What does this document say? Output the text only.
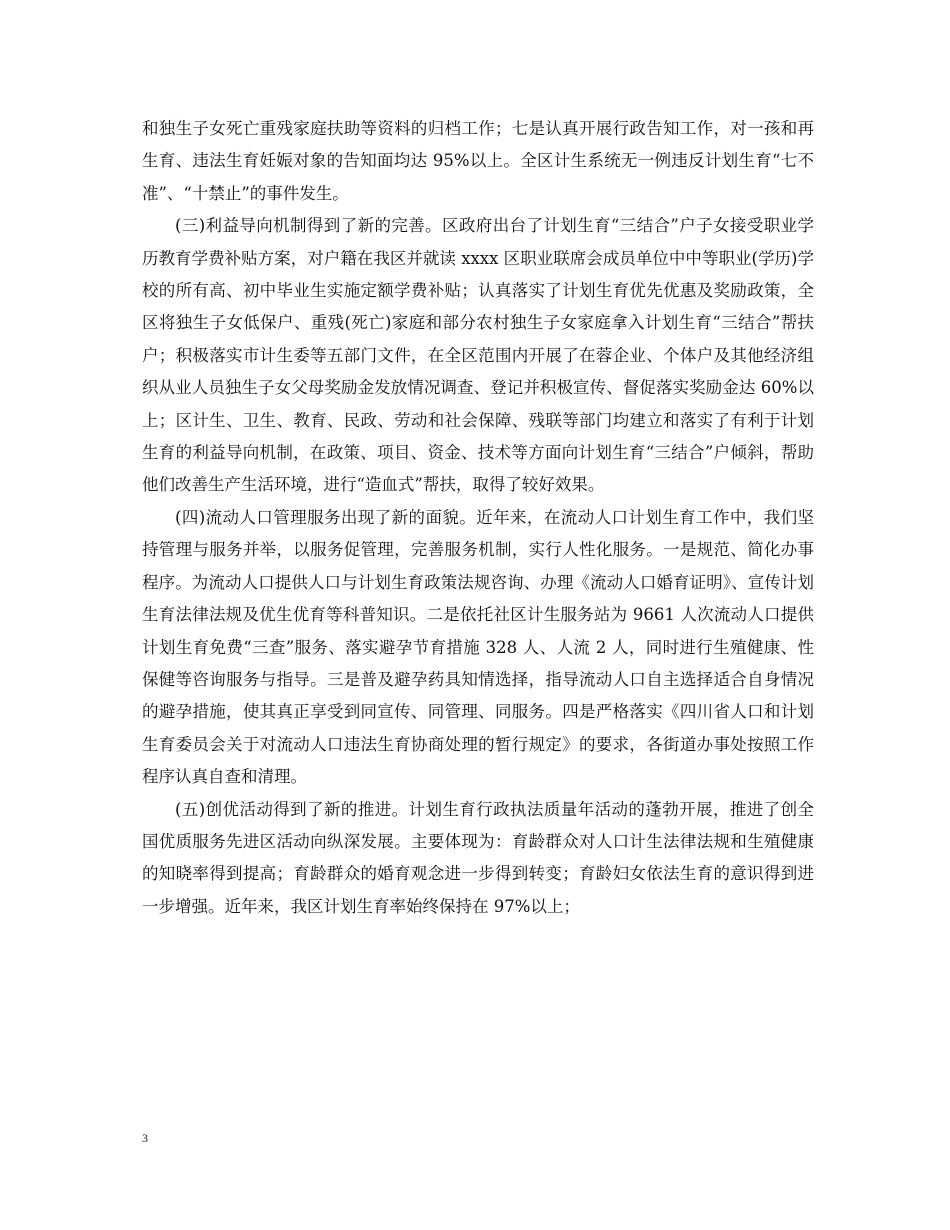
和独生子女死亡重残家庭扶助等资料的归档工作；七是认真开展行政告知工作，对一孩和再生育、违法生育妊娠对象的告知面均达 95%以上。全区计生系统无一例违反计划生育“七不准”、“十禁止”的事件发生。

(三)利益导向机制得到了新的完善。区政府出台了计划生育“三结合”户子女接受职业学历教育学费补贴方案，对户籍在我区并就读 xxxx 区职业联席会成员单位中中等职业(学历)学校的所有高、初中毕业生实施定额学费补贴；认真落实了计划生育优先优惠及奖励政策，全区将独生子女低保户、重残(死亡)家庭和部分农村独生子女家庭拿入计划生育“三结合”帮扶户；积极落实市计生委等五部门文件，在全区范围内开展了在蓉企业、个体户及其他经济组织从业人员独生子女父母奖励金发放情况调查、登记并积极宣传、督促落实奖励金达 60%以上；区计生、卫生、教育、民政、劳动和社会保障、残联等部门均建立和落实了有利于计划生育的利益导向机制，在政策、项目、资金、技术等方面向计划生育“三结合”户倾斜，帮助他们改善生产生活环境，进行“造血式”帮扶，取得了较好效果。

(四)流动人口管理服务出现了新的面貌。近年来，在流动人口计划生育工作中，我们坚持管理与服务并举，以服务促管理，完善服务机制，实行人性化服务。一是规范、简化办事程序。为流动人口提供人口与计划生育政策法规咨询、办理《流动人口婚育证明》、宣传计划生育法律法规及优生优育等科普知识。二是依托社区计生服务站为 9661 人次流动人口提供计划生育免费“三查”服务、落实避孕节育措施 328 人、人流 2 人，同时进行生殖健康、性保健等咨询服务与指导。三是普及避孕药具知情选择，指导流动人口自主选择适合自身情况的避孕措施，使其真正享受到同宣传、同管理、同服务。四是严格落实《四川省人口和计划生育委员会关于对流动人口违法生育协商处理的暂行规定》的要求，各街道办事处按照工作程序认真自查和清理。

(五)创优活动得到了新的推进。计划生育行政执法质量年活动的蓬勃开展，推进了创全国优质服务先进区活动向纵深发展。主要体现为：育龄群众对人口计生法律法规和生殖健康的知晓率得到提高；育龄群众的婚育观念进一步得到转变；育龄妇女依法生育的意识得到进一步增强。近年来，我区计划生育率始终保持在 97%以上；

3
